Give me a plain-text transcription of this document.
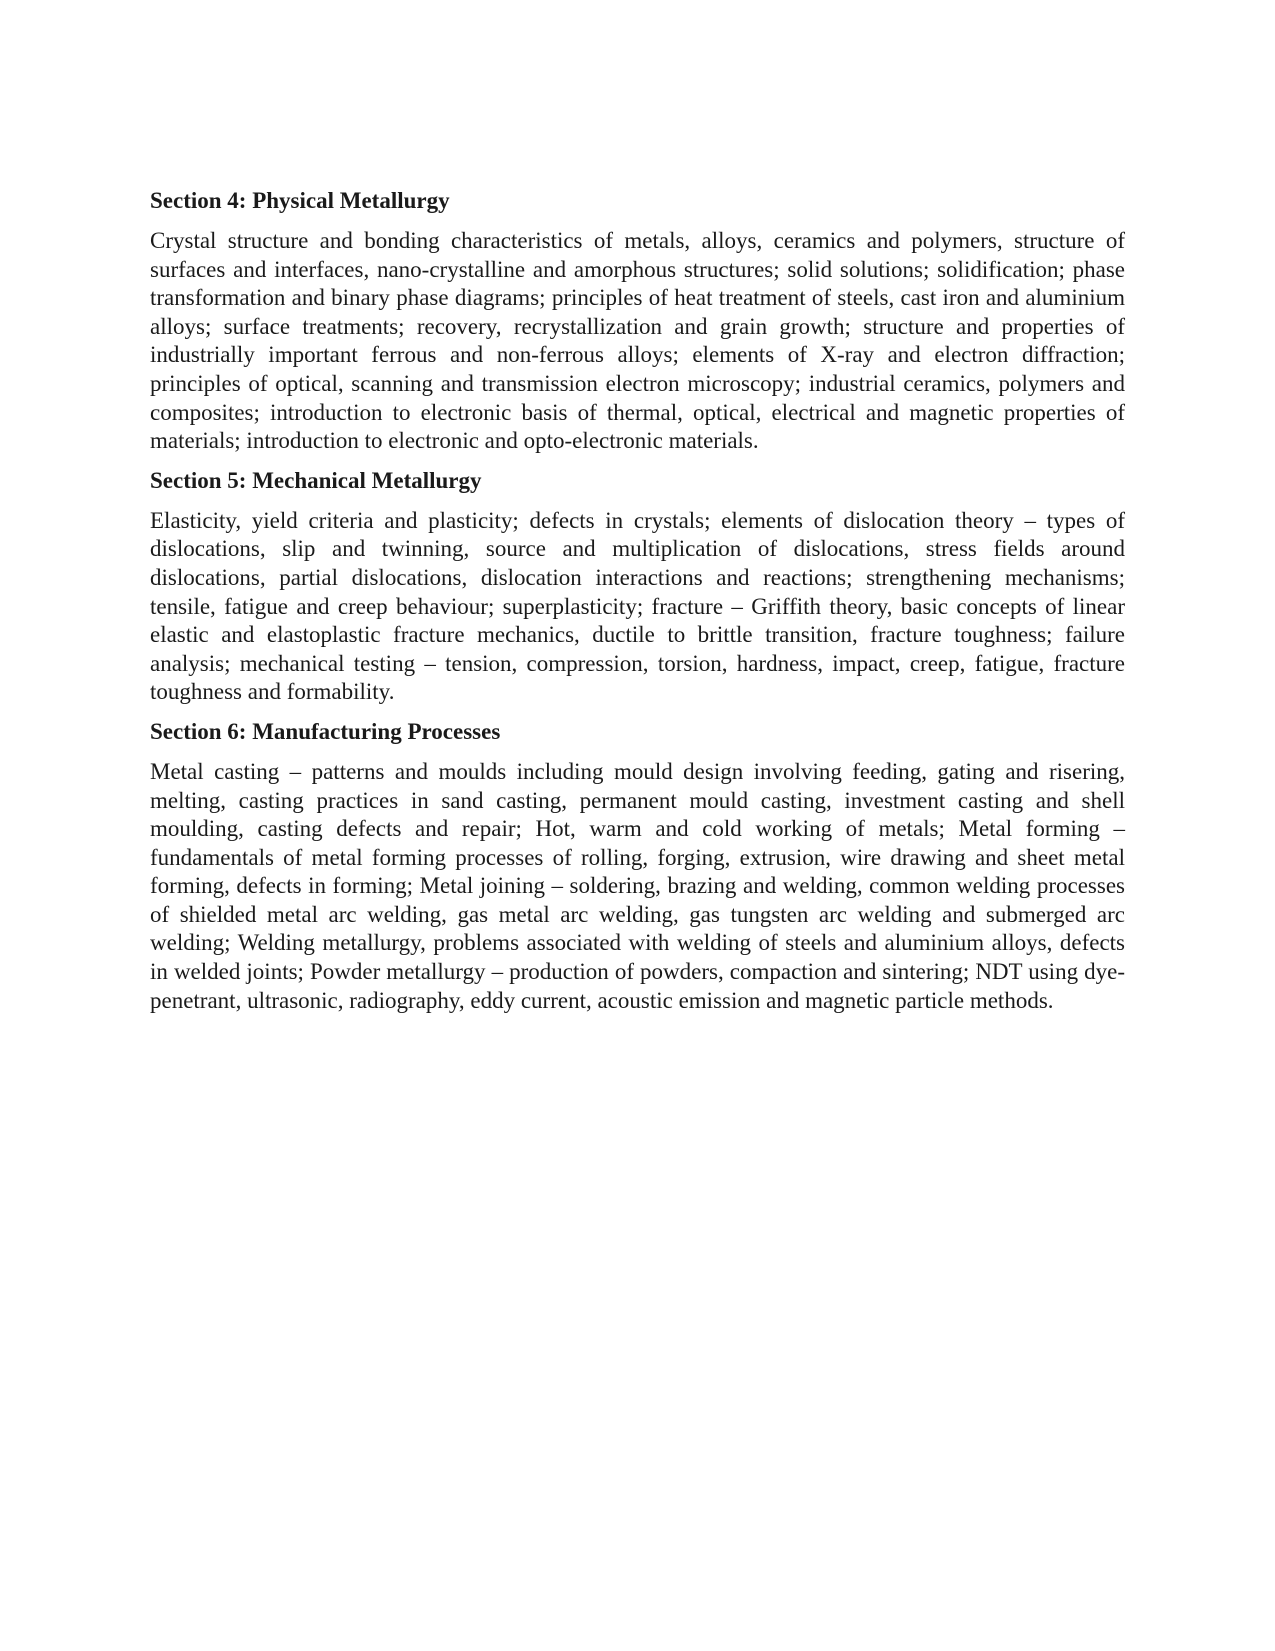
Section 4: Physical Metallurgy

Crystal structure and bonding characteristics of metals, alloys, ceramics and polymers, structure of surfaces and interfaces, nano-crystalline and amorphous structures; solid solutions; solidification; phase transformation and binary phase diagrams; principles of heat treatment of steels, cast iron and aluminium alloys; surface treatments; recovery, recrystallization and grain growth; structure and properties of industrially important ferrous and non-ferrous alloys; elements of X-ray and electron diffraction; principles of optical, scanning and transmission electron microscopy; industrial ceramics, polymers and composites; introduction to electronic basis of thermal, optical, electrical and magnetic properties of materials; introduction to electronic and opto-electronic materials.

Section 5: Mechanical Metallurgy

Elasticity, yield criteria and plasticity; defects in crystals; elements of dislocation theory – types of dislocations, slip and twinning, source and multiplication of dislocations, stress fields around dislocations, partial dislocations, dislocation interactions and reactions; strengthening mechanisms; tensile, fatigue and creep behaviour; superplasticity; fracture – Griffith theory, basic concepts of linear elastic and elastoplastic fracture mechanics, ductile to brittle transition, fracture toughness; failure analysis; mechanical testing – tension, compression, torsion, hardness, impact, creep, fatigue, fracture toughness and formability.

Section 6: Manufacturing Processes

Metal casting – patterns and moulds including mould design involving feeding, gating and risering, melting, casting practices in sand casting, permanent mould casting, investment casting and shell moulding, casting defects and repair; Hot, warm and cold working of metals; Metal forming – fundamentals of metal forming processes of rolling, forging, extrusion, wire drawing and sheet metal forming, defects in forming; Metal joining – soldering, brazing and welding, common welding processes of shielded metal arc welding, gas metal arc welding, gas tungsten arc welding and submerged arc welding; Welding metallurgy, problems associated with welding of steels and aluminium alloys, defects in welded joints; Powder metallurgy – production of powders, compaction and sintering; NDT using dye-penetrant, ultrasonic, radiography, eddy current, acoustic emission and magnetic particle methods.
